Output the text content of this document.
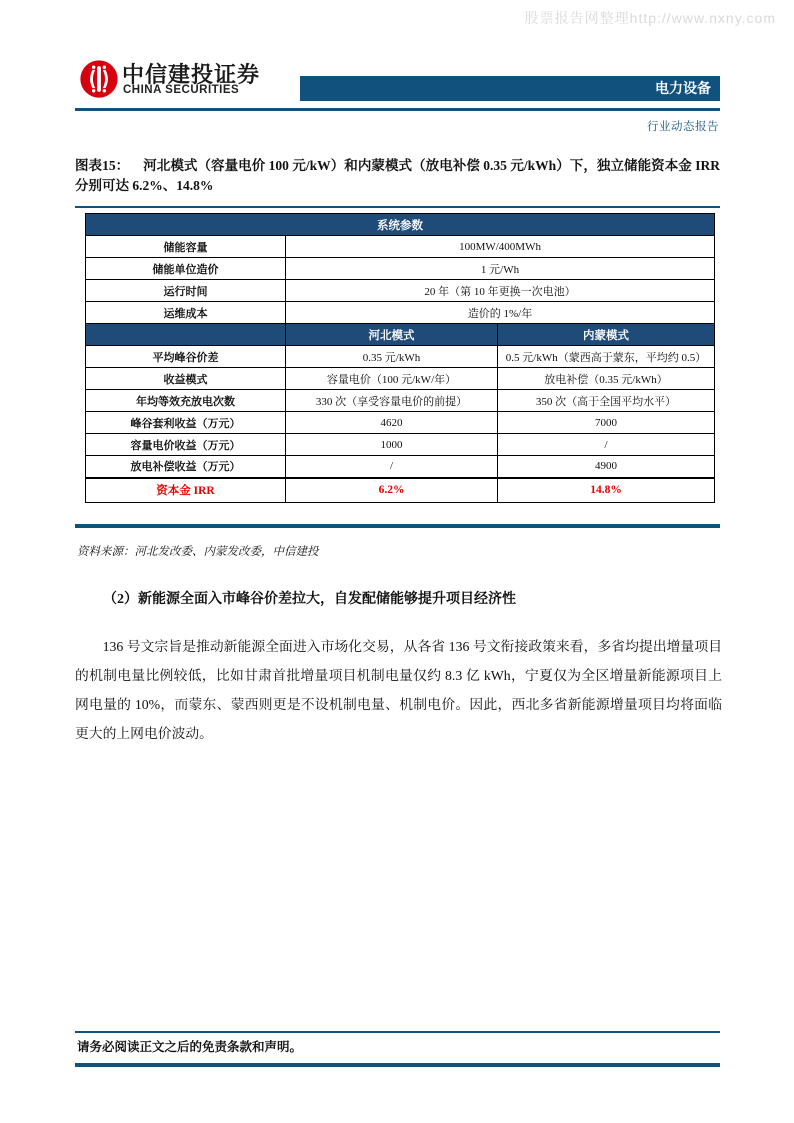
股票报告网整理http://www.nxny.com
中信建投证券
CHINA SECURITIES	电力设备
行业动态报告
图表15： 河北模式（容量电价 100 元/kW）和内蒙模式（放电补偿 0.35 元/kWh）下，独立储能资本金 IRR 分别可达 6.2%、14.8%
系统参数		
储能容量	100MW/400MWh	
储能单位造价	1 元/Wh	
运行时间	20 年（第 10 年更换一次电池）	
运维成本	造价的 1%/年	
	河北模式	内蒙模式
平均峰谷价差	0.35 元/kWh	0.5 元/kWh（蒙西高于蒙东，平均约 0.5）
收益模式	容量电价（100 元/kW/年）	放电补偿（0.35 元/kWh）
年均等效充放电次数	330 次（享受容量电价的前提）	350 次（高于全国平均水平）
峰谷套利收益（万元）	4620	7000
容量电价收益（万元）	1000	/
放电补偿收益（万元）	/	4900
资本金 IRR	6.2%	14.8%
资料来源：河北发改委、内蒙发改委，中信建投
（2）新能源全面入市峰谷价差拉大，自发配储能够提升项目经济性
136 号文宗旨是推动新能源全面进入市场化交易，从各省 136 号文衔接政策来看，多省均提出增量项目的机制电量比例较低，比如甘肃首批增量项目机制电量仅约 8.3 亿 kWh，宁夏仅为全区增量新能源项目上网电量的 10%，而蒙东、蒙西则更是不设机制电量、机制电价。因此，西北多省新能源增量项目均将面临更大的上网电价波动。
请务必阅读正文之后的免责条款和声明。
